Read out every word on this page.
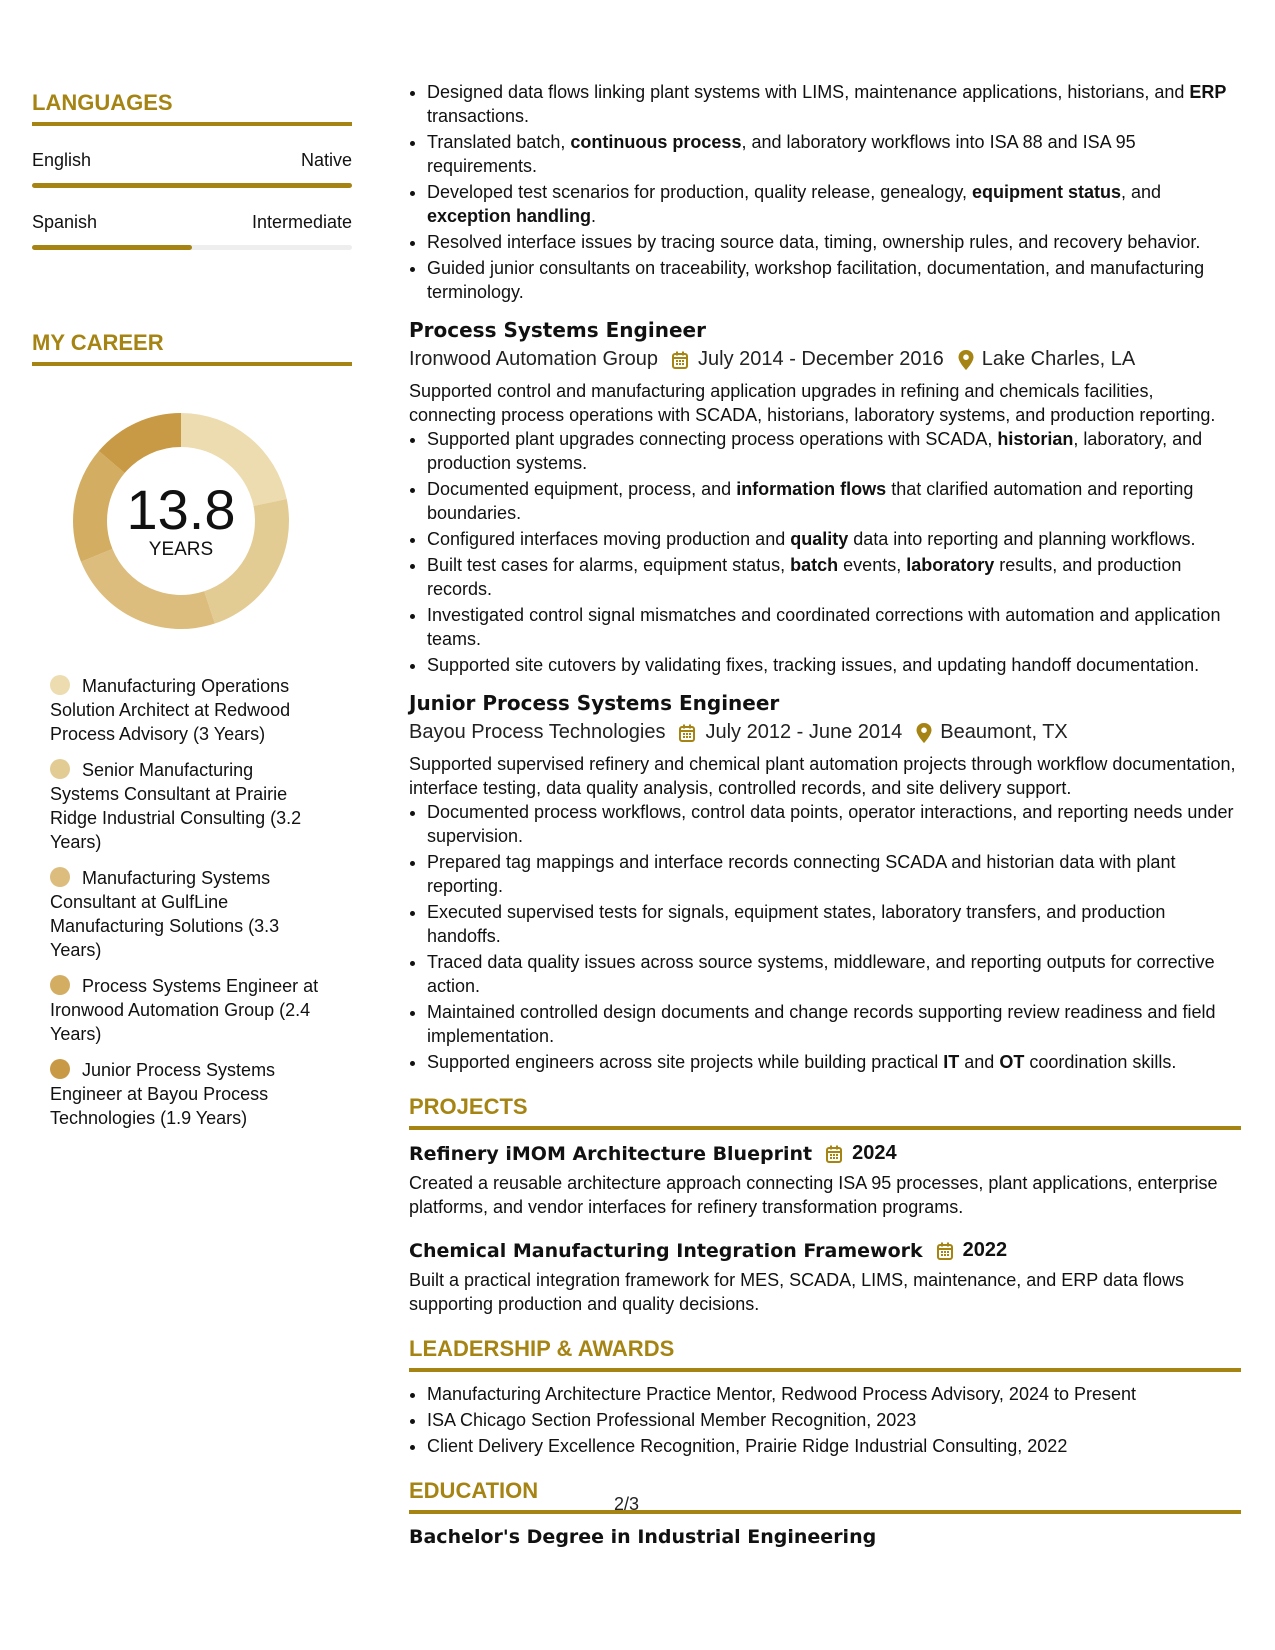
LANGUAGES
English	Native
Spanish	Intermediate
MY CAREER
13.8
YEARS
Manufacturing Operations Solution Architect at Redwood Process Advisory (3 Years)
Senior Manufacturing Systems Consultant at Prairie Ridge Industrial Consulting (3.2 Years)
Manufacturing Systems Consultant at GulfLine Manufacturing Solutions (3.3 Years)
Process Systems Engineer at Ironwood Automation Group (2.4 Years)
Junior Process Systems Engineer at Bayou Process Technologies (1.9 Years)
• Designed data flows linking plant systems with LIMS, maintenance applications, historians, and ERP transactions.
• Translated batch, continuous process, and laboratory workflows into ISA 88 and ISA 95 requirements.
• Developed test scenarios for production, quality release, genealogy, equipment status, and exception handling.
• Resolved interface issues by tracing source data, timing, ownership rules, and recovery behavior.
• Guided junior consultants on traceability, workshop facilitation, documentation, and manufacturing terminology.
Process Systems Engineer
Ironwood Automation Group July 2014 - December 2016 Lake Charles, LA
Supported control and manufacturing application upgrades in refining and chemicals facilities, connecting process operations with SCADA, historians, laboratory systems, and production reporting.
• Supported plant upgrades connecting process operations with SCADA, historian, laboratory, and production systems.
• Documented equipment, process, and information flows that clarified automation and reporting boundaries.
• Configured interfaces moving production and quality data into reporting and planning workflows.
• Built test cases for alarms, equipment status, batch events, laboratory results, and production records.
• Investigated control signal mismatches and coordinated corrections with automation and application teams.
• Supported site cutovers by validating fixes, tracking issues, and updating handoff documentation.
Junior Process Systems Engineer
Bayou Process Technologies July 2012 - June 2014 Beaumont, TX
Supported supervised refinery and chemical plant automation projects through workflow documentation, interface testing, data quality analysis, controlled records, and site delivery support.
• Documented process workflows, control data points, operator interactions, and reporting needs under supervision.
• Prepared tag mappings and interface records connecting SCADA and historian data with plant reporting.
• Executed supervised tests for signals, equipment states, laboratory transfers, and production handoffs.
• Traced data quality issues across source systems, middleware, and reporting outputs for corrective action.
• Maintained controlled design documents and change records supporting review readiness and field implementation.
• Supported engineers across site projects while building practical IT and OT coordination skills.
PROJECTS
Refinery iMOM Architecture Blueprint 2024
Created a reusable architecture approach connecting ISA 95 processes, plant applications, enterprise platforms, and vendor interfaces for refinery transformation programs.
Chemical Manufacturing Integration Framework 2022
Built a practical integration framework for MES, SCADA, LIMS, maintenance, and ERP data flows supporting production and quality decisions.
LEADERSHIP & AWARDS
• Manufacturing Architecture Practice Mentor, Redwood Process Advisory, 2024 to Present
• ISA Chicago Section Professional Member Recognition, 2023
• Client Delivery Excellence Recognition, Prairie Ridge Industrial Consulting, 2022
EDUCATION
Bachelor's Degree in Industrial Engineering
2/3
